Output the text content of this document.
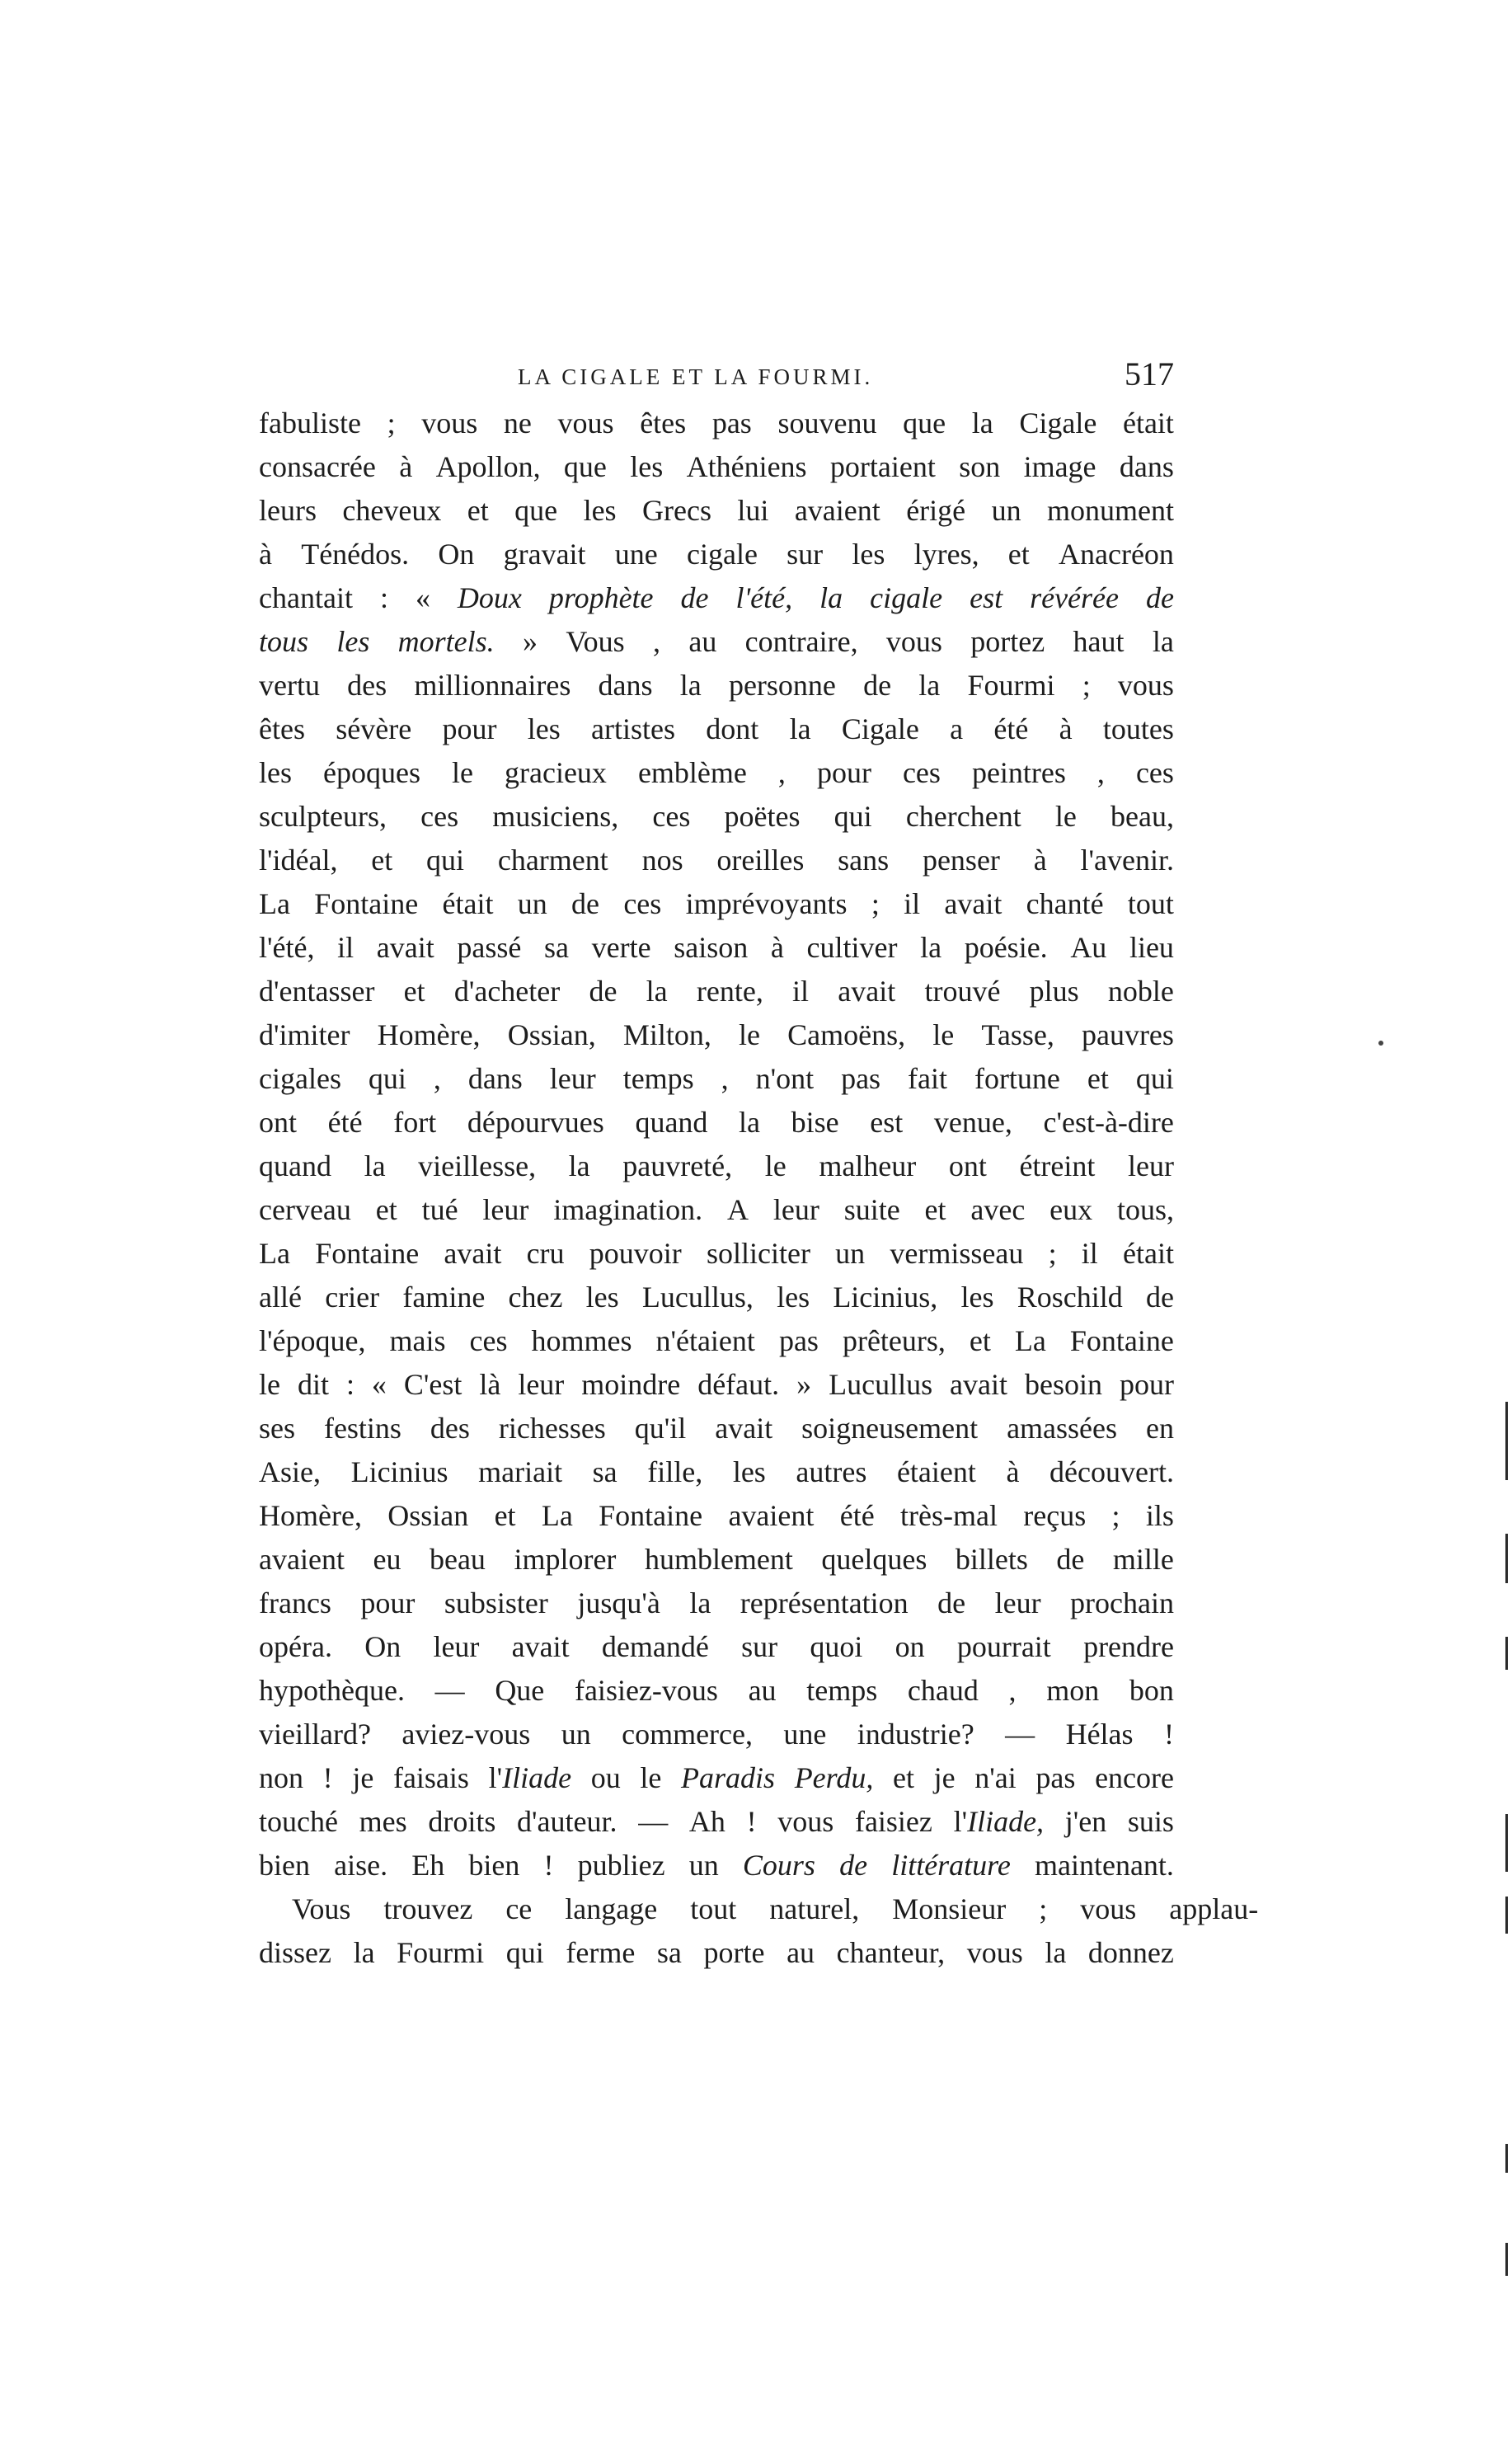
LA CIGALE ET LA FOURMI.	517
fabuliste ; vous ne vous êtes pas souvenu que la Cigale était
consacrée à Apollon, que les Athéniens portaient son image dans
leurs cheveux et que les Grecs lui avaient érigé un monument
à Ténédos. On gravait une cigale sur les lyres, et Anacréon
chantait : « Doux prophète de l'été, la cigale est révérée de
tous les mortels. » Vous , au contraire, vous portez haut la
vertu des millionnaires dans la personne de la Fourmi ; vous
êtes sévère pour les artistes dont la Cigale a été à toutes
les époques le gracieux emblème , pour ces peintres , ces
sculpteurs, ces musiciens, ces poëtes qui cherchent le beau,
l'idéal, et qui charment nos oreilles sans penser à l'avenir.
La Fontaine était un de ces imprévoyants ; il avait chanté tout
l'été, il avait passé sa verte saison à cultiver la poésie. Au lieu
d'entasser et d'acheter de la rente, il avait trouvé plus noble
d'imiter Homère, Ossian, Milton, le Camoëns, le Tasse, pauvres
cigales qui , dans leur temps , n'ont pas fait fortune et qui
ont été fort dépourvues quand la bise est venue, c'est-à-dire
quand la vieillesse, la pauvreté, le malheur ont étreint leur
cerveau et tué leur imagination. A leur suite et avec eux tous,
La Fontaine avait cru pouvoir solliciter un vermisseau ; il était
allé crier famine chez les Lucullus, les Licinius, les Roschild de
l'époque, mais ces hommes n'étaient pas prêteurs, et La Fontaine
le dit : « C'est là leur moindre défaut. » Lucullus avait besoin pour
ses festins des richesses qu'il avait soigneusement amassées en
Asie, Licinius mariait sa fille, les autres étaient à découvert.
Homère, Ossian et La Fontaine avaient été très-mal reçus ; ils
avaient eu beau implorer humblement quelques billets de mille
francs pour subsister jusqu'à la représentation de leur prochain
opéra. On leur avait demandé sur quoi on pourrait prendre
hypothèque. — Que faisiez-vous au temps chaud , mon bon
vieillard? aviez-vous un commerce, une industrie? — Hélas !
non ! je faisais l'Iliade ou le Paradis Perdu, et je n'ai pas encore
touché mes droits d'auteur. — Ah ! vous faisiez l'Iliade, j'en suis
bien aise. Eh bien ! publiez un Cours de littérature maintenant.
Vous	trouvez	ce	langage	tout	naturel,	Monsieur	;	vous	applau-
dissez la Fourmi qui ferme sa porte au chanteur, vous la donnez
